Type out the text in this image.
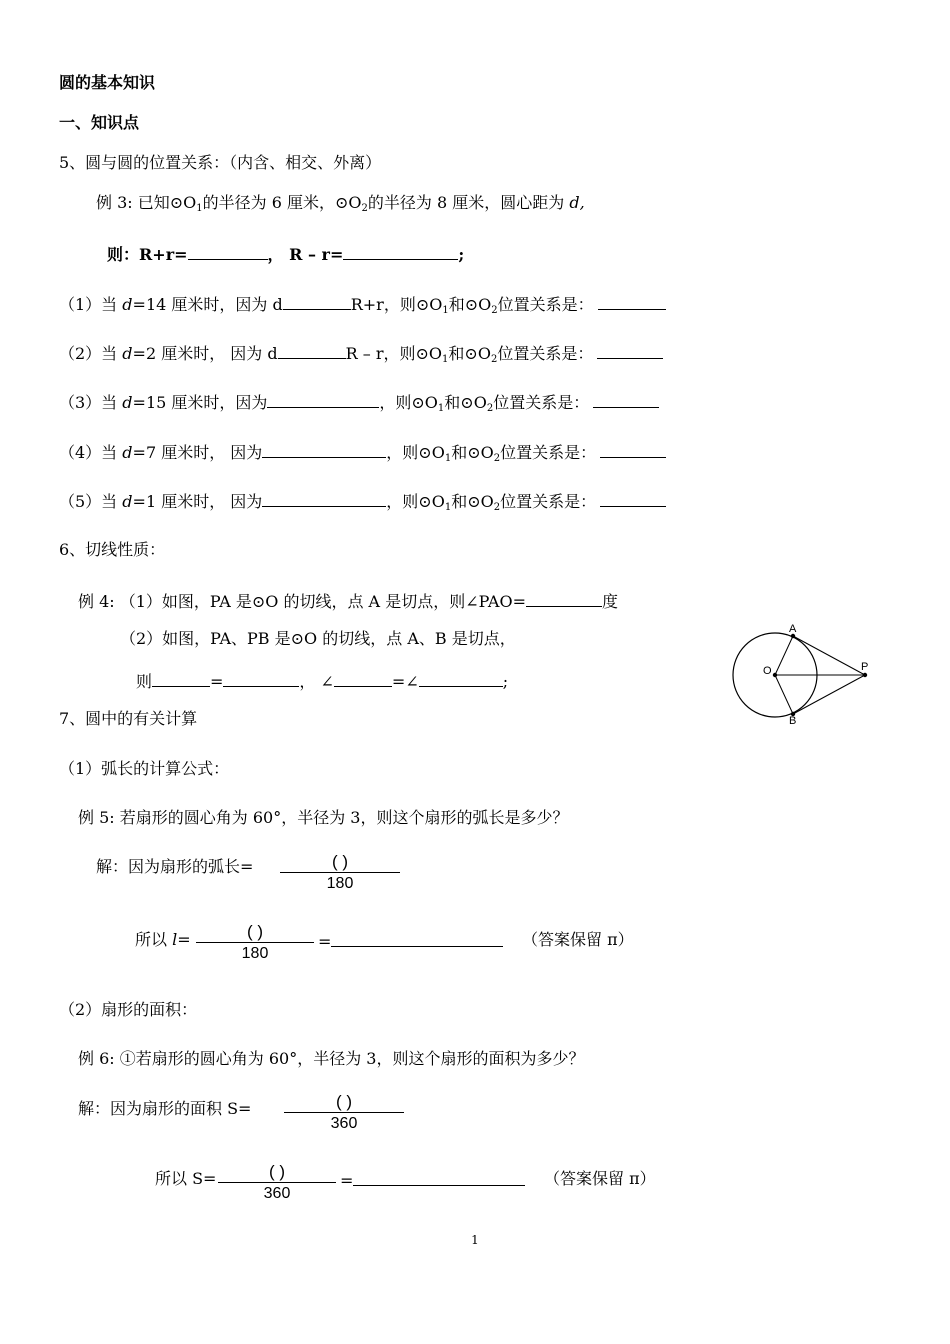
圆的基本知识
一、知识点
5、圆与圆的位置关系：（内含、相交、外离）
例 3: 已知$⊙O_1$的半径为 6 厘米，$⊙O_2$的半径为 8 厘米，圆心距为 d,
则：R+r=	， R – r=	;
（1）当 d=14 厘米时，因为 d	R+r，则$⊙O_1$和$⊙O_2$位置关系是：
（2）当 d=2 厘米时， 因为 d	R – r，则$⊙O_1$和$⊙O_2$位置关系是：
（3）当 d=15 厘米时，因为	，则$⊙O_1$和$⊙O_2$位置关系是：
（4）当 d=7 厘米时， 因为	，则$⊙O_1$和$⊙O_2$位置关系是：
（5）当 d=1 厘米时， 因为	，则$⊙O_1$和$⊙O_2$位置关系是：
6、切线性质：
例 4: （1）如图，PA 是⊙O 的切线，点 A 是切点，则∠PAO=	度
（2）如图，PA、PB 是⊙O 的切线，点 A、B 是切点，
则	=	， ∠	=∠	;
A
O	P
B
7、圆中的有关计算
（1）弧长的计算公式：
例 5: 若扇形的圆心角为 60°，半径为 3，则这个扇形的弧长是多少？
解：因为扇形的弧长=	( )
180
所以 l=	( )
180
=	（答案保留 π）
（2）扇形的面积：
例 6: ①若扇形的圆心角为 60°，半径为 3，则这个扇形的面积为多少？
解：因为扇形的面积 S=	( )
360
所以 S=	( )
360
=	（答案保留 π）
1
